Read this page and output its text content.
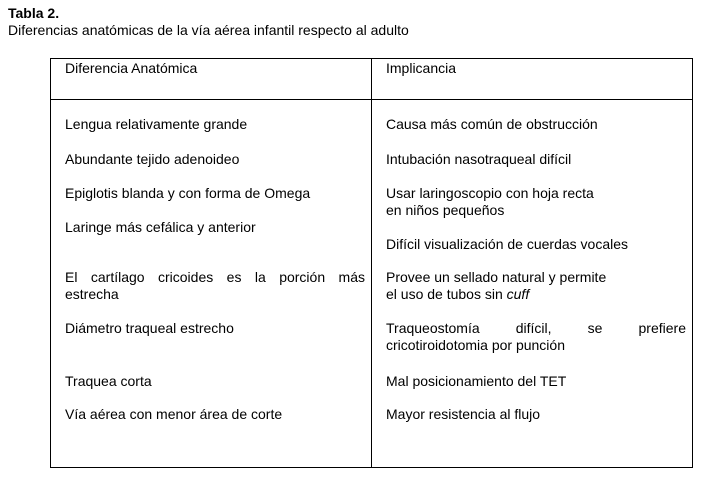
Tabla 2.

Diferencias anatómicas de la vía aérea infantil respecto al adulto

Diferencia Anatómica	Implicancia

Lengua relativamente grande

Abundante tejido adenoideo

Epiglotis blanda y con forma de Omega

Laringe más cefálica y anterior

El cartílago cricoides es la porción más
estrecha

Diámetro traqueal estrecho

Traquea corta

Vía aérea con menor área de corte

Causa más común de obstrucción

Intubación nasotraqueal difícil

Usar laringoscopio con hoja recta
en niños pequeños

Difícil visualización de cuerdas vocales

Provee un sellado natural y permite
el uso de tubos sin cuff
Traqueostomía difícil, se prefiere
cricotiroidotomia por punción

Mal posicionamiento del TET

Mayor resistencia al flujo
